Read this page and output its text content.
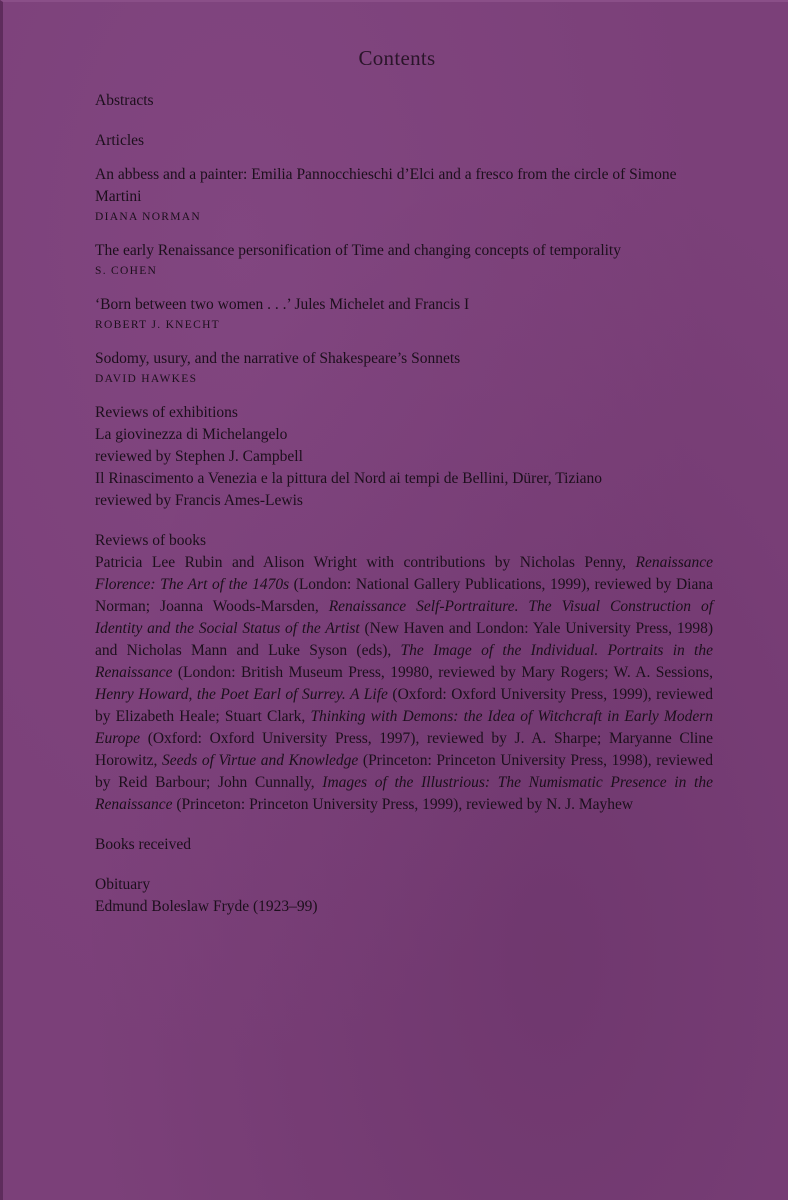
Contents

Abstracts

Articles

An abbess and a painter: Emilia Pannocchieschi d’Elci and a fresco from the circle of Simone Martini

DIANA NORMAN

The early Renaissance personification of Time and changing concepts of temporality

S. COHEN

‘Born between two women . . .’ Jules Michelet and Francis I

ROBERT J. KNECHT

Sodomy, usury, and the narrative of Shakespeare’s Sonnets

DAVID HAWKES

Reviews of exhibitions

La giovinezza di Michelangelo

reviewed by Stephen J. Campbell

Il Rinascimento a Venezia e la pittura del Nord ai tempi de Bellini, Dürer, Tiziano

reviewed by Francis Ames-Lewis

Reviews of books

Patricia Lee Rubin and Alison Wright with contributions by Nicholas Penny, Renaissance Florence: The Art of the 1470s (London: National Gallery Publications, 1999), reviewed by Diana Norman; Joanna Woods-Marsden, Renaissance Self-Portraiture. The Visual Construction of Identity and the Social Status of the Artist (New Haven and London: Yale University Press, 1998) and Nicholas Mann and Luke Syson (eds), The Image of the Individual. Portraits in the Renaissance (London: British Museum Press, 19980, reviewed by Mary Rogers; W. A. Sessions, Henry Howard, the Poet Earl of Surrey. A Life (Oxford: Oxford University Press, 1999), reviewed by Elizabeth Heale; Stuart Clark, Thinking with Demons: the Idea of Witchcraft in Early Modern Europe (Oxford: Oxford University Press, 1997), reviewed by J. A. Sharpe; Maryanne Cline Horowitz, Seeds of Virtue and Knowledge (Princeton: Princeton University Press, 1998), reviewed by Reid Barbour; John Cunnally, Images of the Illustrious: The Numismatic Presence in the Renaissance (Princeton: Princeton University Press, 1999), reviewed by N. J. Mayhew

Books received

Obituary

Edmund Boleslaw Fryde (1923–99)
